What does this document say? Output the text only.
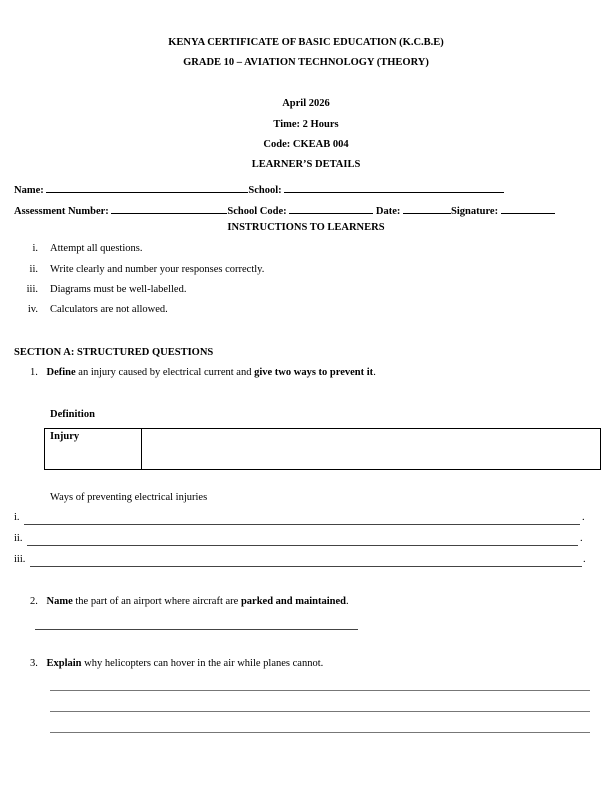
KENYA CERTIFICATE OF BASIC EDUCATION (K.C.B.E)
GRADE 10 – AVIATION TECHNOLOGY (THEORY)
April 2026
Time: 2 Hours
Code: CKEAB 004
LEARNER’S DETAILS
Name:	School:
Assessment Number:	School Code:	Date:	Signature:
INSTRUCTIONS TO LEARNERS
i. Attempt all questions.
ii. Write clearly and number your responses correctly.
iii. Diagrams must be well-labelled.
iv. Calculators are not allowed.
SECTION A: STRUCTURED QUESTIONS
1. Define an injury caused by electrical current and give two ways to prevent it.
Definition
Injury	
Ways of preventing electrical injuries
i.	.
ii.	.
iii.	.
2. Name the part of an airport where aircraft are parked and maintained.
3. Explain why helicopters can hover in the air while planes cannot.
